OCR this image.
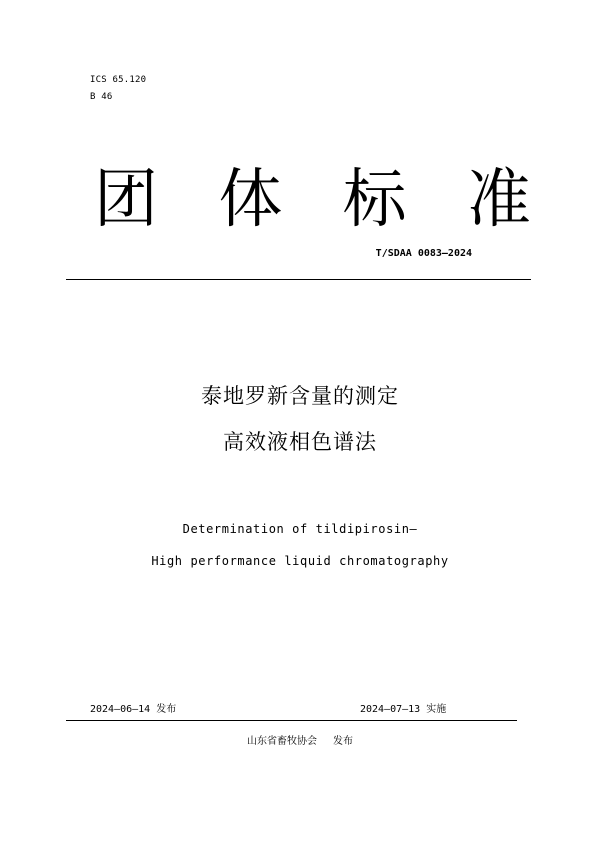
ICS 65.120
B 46
团 体 标 准
T/SDAA 0083—2024
泰地罗新含量的测定
高效液相色谱法
Determination of tildipirosin—
High performance liquid chromatography
2024—06—14 发布	2024—07—13 实施
山东省畜牧协会 发布
